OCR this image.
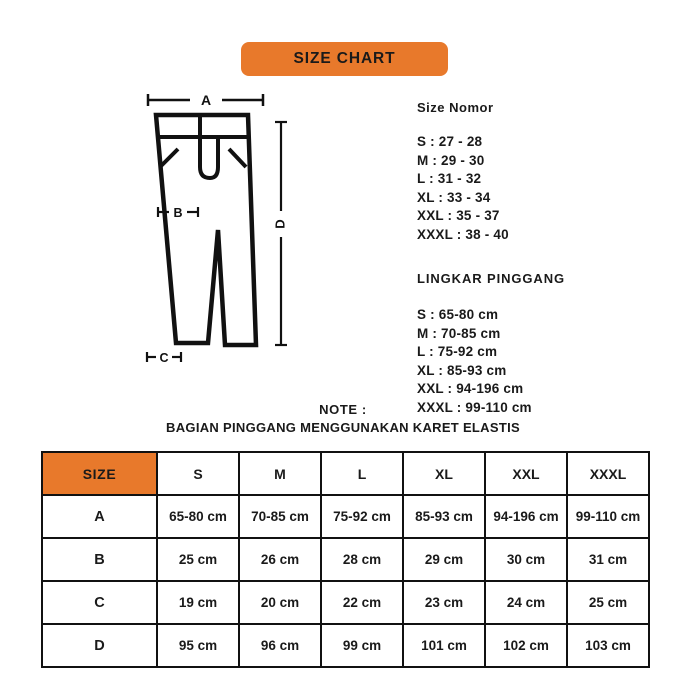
SIZE CHART
A
B
C
D
Size Nomor
S : 27 - 28
M : 29 - 30
L : 31 - 32
XL : 33 - 34
XXL : 35 - 37
XXXL : 38 - 40
LINGKAR PINGGANG
S : 65-80 cm
M : 70-85 cm
L : 75-92 cm
XL : 85-93 cm
XXL : 94-196 cm
XXXL : 99-110 cm
NOTE :
BAGIAN PINGGANG MENGGUNAKAN KARET ELASTIS
SIZE	S	M	L	XL	XXL	XXXL
A	65-80 cm	70-85 cm	75-92 cm	85-93 cm	94-196 cm	99-110 cm
B	25 cm	26 cm	28 cm	29 cm	30 cm	31 cm
C	19 cm	20 cm	22 cm	23 cm	24 cm	25 cm
D	95 cm	96 cm	99 cm	101 cm	102 cm	103 cm
